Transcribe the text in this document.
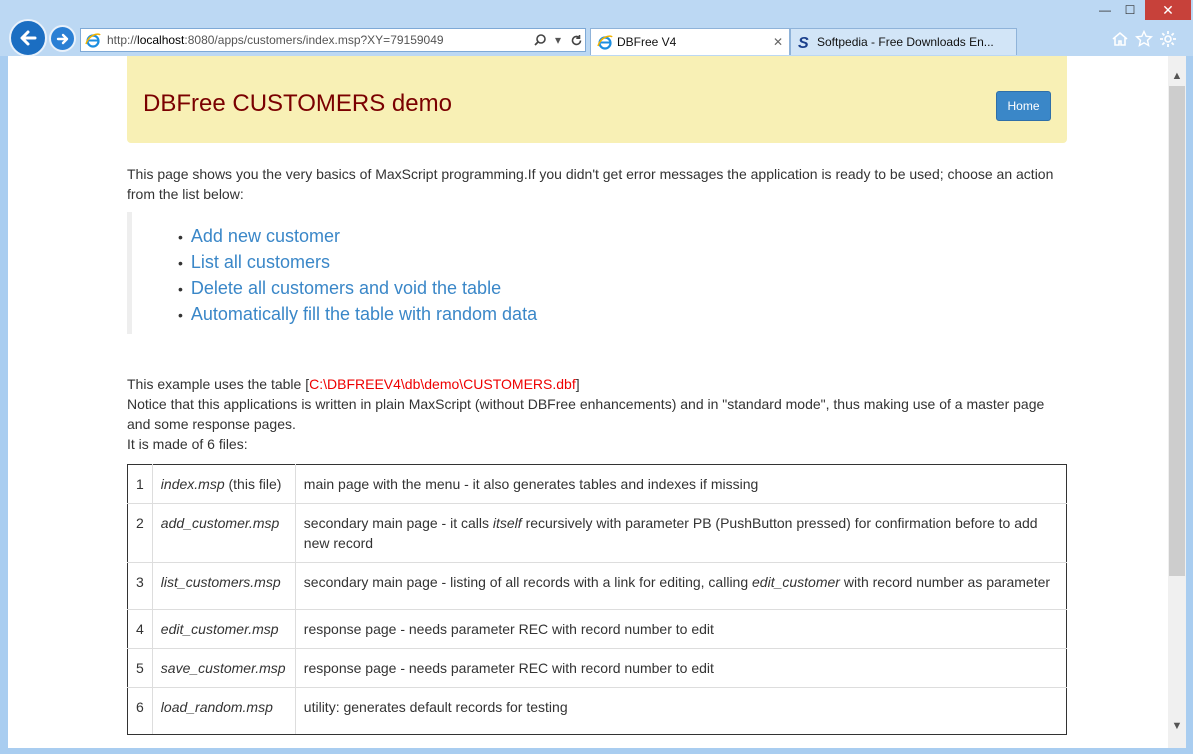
http://localhost:8080/apps/customers/index.msp?XY=79159049	▾	DBFree V4	✕ S Softpedia - Free Downloads En...
—	☐	✕
DBFree CUSTOMERS demo	Home
This page shows you the very basics of MaxScript programming.If you didn't get error messages the application is ready to be used; choose an action
from the list below:
• Add new customer
• List all customers
• Delete all customers and void the table
• Automatically fill the table with random data
This example uses the table [C:\DBFREEV4\db\demo\CUSTOMERS.dbf]
Notice that this applications is written in plain MaxScript (without DBFree enhancements) and in "standard mode", thus making use of a master page
and some response pages.
It is made of 6 files:
1	index.msp (this file)	main page with the menu - it also generates tables and indexes if missing
2	add_customer.msp	secondary main page - it calls itself recursively with parameter PB (PushButton pressed) for confirmation before to add
new record
3	list_customers.msp	secondary main page - listing of all records with a link for editing, calling edit_customer with record number as parameter
4	edit_customer.msp	response page - needs parameter REC with record number to edit
5	save_customer.msp	response page - needs parameter REC with record number to edit
6	load_random.msp	utility: generates default records for testing
▲
▼
